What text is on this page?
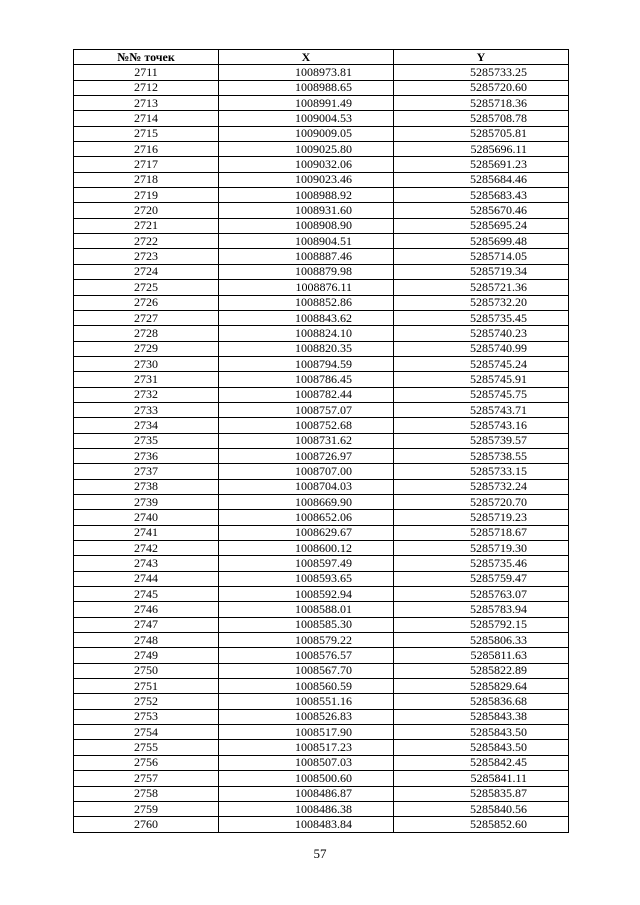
№№ точек	X	Y
2711	1008973.81	5285733.25
2712	1008988.65	5285720.60
2713	1008991.49	5285718.36
2714	1009004.53	5285708.78
2715	1009009.05	5285705.81
2716	1009025.80	5285696.11
2717	1009032.06	5285691.23
2718	1009023.46	5285684.46
2719	1008988.92	5285683.43
2720	1008931.60	5285670.46
2721	1008908.90	5285695.24
2722	1008904.51	5285699.48
2723	1008887.46	5285714.05
2724	1008879.98	5285719.34
2725	1008876.11	5285721.36
2726	1008852.86	5285732.20
2727	1008843.62	5285735.45
2728	1008824.10	5285740.23
2729	1008820.35	5285740.99
2730	1008794.59	5285745.24
2731	1008786.45	5285745.91
2732	1008782.44	5285745.75
2733	1008757.07	5285743.71
2734	1008752.68	5285743.16
2735	1008731.62	5285739.57
2736	1008726.97	5285738.55
2737	1008707.00	5285733.15
2738	1008704.03	5285732.24
2739	1008669.90	5285720.70
2740	1008652.06	5285719.23
2741	1008629.67	5285718.67
2742	1008600.12	5285719.30
2743	1008597.49	5285735.46
2744	1008593.65	5285759.47
2745	1008592.94	5285763.07
2746	1008588.01	5285783.94
2747	1008585.30	5285792.15
2748	1008579.22	5285806.33
2749	1008576.57	5285811.63
2750	1008567.70	5285822.89
2751	1008560.59	5285829.64
2752	1008551.16	5285836.68
2753	1008526.83	5285843.38
2754	1008517.90	5285843.50
2755	1008517.23	5285843.50
2756	1008507.03	5285842.45
2757	1008500.60	5285841.11
2758	1008486.87	5285835.87
2759	1008486.38	5285840.56
2760	1008483.84	5285852.60
57
